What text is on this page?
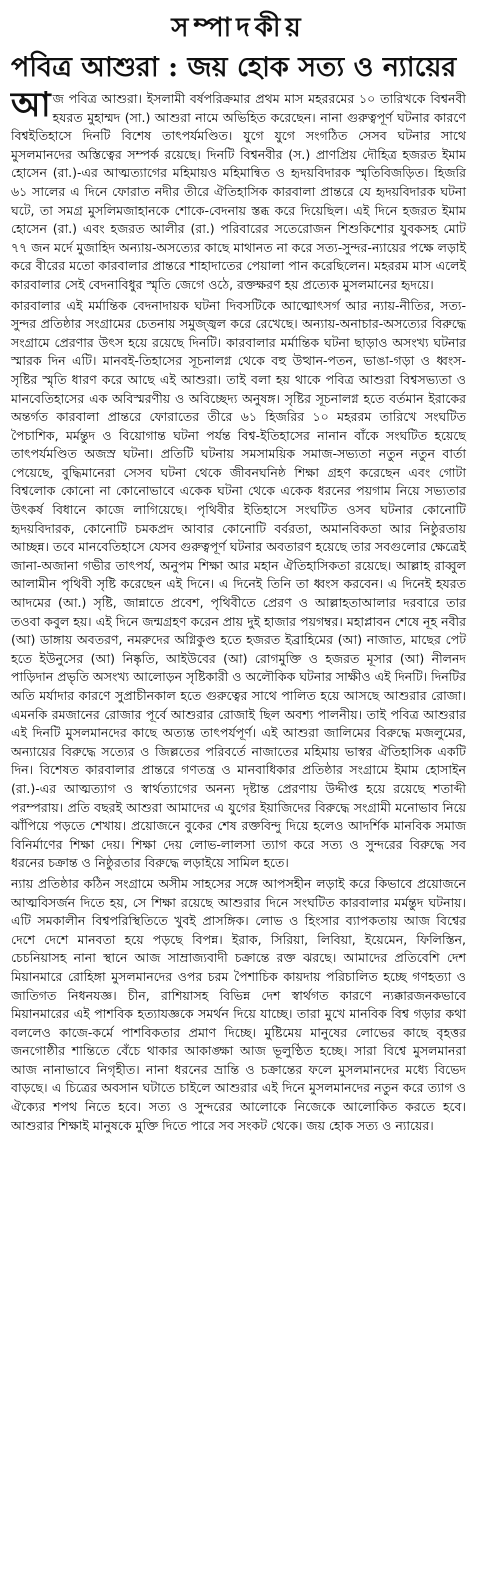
সম্পাদকীয়
পবিত্র আশুরা : জয় হোক সত্য ও ন্যায়ের

আজ পবিত্র আশুরা। ইসলামী বর্ষপরিক্রমার প্রথম মাস মহররমের ১০ তারিখকে বিশ্বনবী হযরত মুহাম্মদ (সা.) আশুরা নামে অভিহিত করেছেন। নানা গুরুত্বপূর্ণ ঘটনার কারণে বিশ্বইতিহাসে দিনটি বিশেষ তাৎপর্যমণ্ডিত। যুগে যুগে সংগঠিত সেসব ঘটনার সাথে মুসলমানদের অস্তিত্বের সম্পর্ক রয়েছে। দিনটি বিশ্বনবীর (স.) প্রাণপ্রিয় দৌহিত্র হজরত ইমাম হোসেন (রা.)-এর আত্মত্যাগের মহিমায়ও মহিমান্বিত ও হৃদয়বিদারক স্মৃতিবিজড়িত। হিজরি ৬১ সালের এ দিনে ফোরাত নদীর তীরে ঐতিহাসিক কারবালা প্রান্তরে যে হৃদয়বিদারক ঘটনা ঘটে, তা সমগ্র মুসলিমজাহানকে শোকে-বেদনায় স্তব্ধ করে দিয়েছিল। এই দিনে হজরত ইমাম হোসেন (রা.) এবং হজরত আলীর (রা.) পরিবারের সতেরোজন শিশুকিশোর যুবকসহ মোট ৭৭ জন মর্দে মুজাহিদ অন্যায়-অসত্যের কাছে মাথানত না করে সত্য-সুন্দর-ন্যায়ের পক্ষে লড়াই করে বীরের মতো কারবালার প্রান্তরে শাহাদাতের পেয়ালা পান করেছিলেন। মহররম মাস এলেই কারবালার সেই বেদনাবিধুর স্মৃতি জেগে ওঠে, রক্তক্ষরণ হয় প্রত্যেক মুসলমানের হৃদয়ে।

কারবালার এই মর্মান্তিক বেদনাদায়ক ঘটনা দিবসটিকে আত্মোৎসর্গ আর ন্যায়-নীতির, সত্য-সুন্দর প্রতিষ্ঠার সংগ্রামের চেতনায় সমুজ্জ্বল করে রেখেছে। অন্যায়-অনাচার-অসত্যের বিরুদ্ধে সংগ্রামে প্রেরণার উৎস হয়ে রয়েছে দিনটি। কারবালার মর্মান্তিক ঘটনা ছাড়াও অসংখ্য ঘটনার স্মারক দিন এটি। মানবই-তিহাসের সূচনালগ্ন থেকে বহু উত্থান-পতন, ভাঙা-গড়া ও ধ্বংস-সৃষ্টির স্মৃতি ধারণ করে আছে এই আশুরা। তাই বলা হয় থাকে পবিত্র আশুরা বিশ্বসভ্যতা ও মানবেতিহাসের এক অবিস্মরণীয় ও অবিচ্ছেদ্য অনুষঙ্গ। সৃষ্টির সূচনালগ্ন হতে বর্তমান ইরাকের অন্তর্গত কারবালা প্রান্তরে ফোরাতের তীরে ৬১ হিজরির ১০ মহররম তারিখে সংঘটিত পৈচাশিক, মর্মন্তুদ ও বিয়োগান্ত ঘটনা পর্যন্ত বিশ্ব-ইতিহাসের নানান বাঁকে সংঘটিত হয়েছে তাৎপর্যমণ্ডিত অজস্র ঘটনা। প্রতিটি ঘটনায় সমসাময়িক সমাজ-সভ্যতা নতুন নতুন বার্তা পেয়েছে, বুদ্ধিমানেরা সেসব ঘটনা থেকে জীবনঘনিষ্ঠ শিক্ষা গ্রহণ করেছেন এবং গোটা বিশ্বলোক কোনো না কোনোভাবে একেক ঘটনা থেকে একেক ধরনের পয়গাম নিয়ে সভ্যতার উৎকর্ষ বিধানে কাজে লাগিয়েছে। পৃথিবীর ইতিহাসে সংঘটিত ওসব ঘটনার কোনোটি হৃদয়বিদারক, কোনোটি চমকপ্রদ আবার কোনোটি বর্বরতা, অমানবিকতা আর নিষ্ঠুরতায় আচ্ছন্ন। তবে মানবেতিহাসে যেসব গুরুত্বপূর্ণ ঘটনার অবতারণ হয়েছে তার সবগুলোর ক্ষেত্রেই জানা-অজানা গভীর তাৎপর্য, অনুপম শিক্ষা আর মহান ঐতিহাসিকতা রয়েছে। আল্লাহ রাব্বুল আলামীন পৃথিবী সৃষ্টি করেছেন এই দিনে। এ দিনেই তিনি তা ধ্বংস করবেন। এ দিনেই হযরত আদমের (আ.) সৃষ্টি, জান্নাতে প্রবেশ, পৃথিবীতে প্রেরণ ও আল্লাহতাআলার দরবারে তার তওবা কবুল হয়। এই দিনে জন্মগ্রহণ করেন প্রায় দুই হাজার পয়গম্বর। মহাপ্লাবন শেষে নূহ নবীর (আ) ডাঙ্গায় অবতরণ, নমরুদের অগ্নিকুণ্ড হতে হজরত ইব্রাহিমের (আ) নাজাত, মাছের পেট হতে ইউনুসের (আ) নিষ্কৃতি, আইউবের (আ) রোগমুক্তি ও হজরত মূসার (আ) নীলনদ পাড়িদান প্রভৃতি অসংখ্য আলোড়ন সৃষ্টিকারী ও অলৌকিক ঘটনার সাক্ষীও এই দিনটি। দিনটির অতি মর্যাদার কারণে সুপ্রাচীনকাল হতে গুরুত্বের সাথে পালিত হয়ে আসছে আশুরার রোজা। এমনকি রমজানের রোজার পূর্বে আশুরার রোজাই ছিল অবশ্য পালনীয়। তাই পবিত্র আশুরার এই দিনটি মুসলমানদের কাছে অত্যন্ত তাৎপর্যপূর্ণ। এই আশুরা জালিমের বিরুদ্ধে মজলুমের, অন্যায়ের বিরুদ্ধে সত্যের ও জিল্লতের পরিবর্তে নাজাতের মহিমায় ভাস্বর ঐতিহাসিক একটি দিন। বিশেষত কারবালার প্রান্তরে গণতন্ত্র ও মানবাধিকার প্রতিষ্ঠার সংগ্রামে ইমাম হোসাইন (রা.)-এর আত্মত্যাগ ও স্বার্থত্যাগের অনন্য দৃষ্টান্ত প্রেরণায় উদ্দীপ্ত হয়ে রয়েছে শতাব্দী পরম্পরায়। প্রতি বছরই আশুরা আমাদের এ যুগের ইয়াজিদের বিরুদ্ধে সংগ্রামী মনোভাব নিয়ে ঝাঁপিয়ে পড়তে শেখায়। প্রয়োজনে বুকের শেষ রক্তবিন্দু দিয়ে হলেও আদর্শিক মানবিক সমাজ বিনির্মাণের শিক্ষা দেয়। শিক্ষা দেয় লোভ-লালসা ত্যাগ করে সত্য ও সুন্দরের বিরুদ্ধে সব ধরনের চক্রান্ত ও নিষ্ঠুরতার বিরুদ্ধে লড়াইয়ে সামিল হতে।

ন্যায় প্রতিষ্ঠার কঠিন সংগ্রামে অসীম সাহসের সঙ্গে আপসহীন লড়াই করে কিভাবে প্রয়োজনে আত্মবিসর্জন দিতে হয়, সে শিক্ষা রয়েছে আশুরার দিনে সংঘটিত কারবালার মর্মন্তুদ ঘটনায়। এটি সমকালীন বিশ্বপরিস্থিতিতে খুবই প্রাসঙ্গিক। লোভ ও হিংসার ব্যাপকতায় আজ বিশ্বের দেশে দেশে মানবতা হয়ে পড়ছে বিপন্ন। ইরাক, সিরিয়া, লিবিয়া, ইয়েমেন, ফিলিস্তিন, চেচনিয়াসহ নানা স্থানে আজ সাম্রাজ্যবাদী চক্রান্তে রক্ত ঝরছে। আমাদের প্রতিবেশি দেশ মিয়ানমারে রোহিঙ্গা মুসলমানদের ওপর চরম পৈশাচিক কায়দায় পরিচালিত হচ্ছে গণহত্যা ও জাতিগত নিধনযজ্ঞ। চীন, রাশিয়াসহ বিভিন্ন দেশ স্বার্থগত কারণে ন্যক্কারজনকভাবে মিয়ানমারের এই পাশবিক হত্যাযজ্ঞকে সমর্থন দিয়ে যাচ্ছে। তারা মুখে মানবিক বিশ্ব গড়ার কথা বললেও কাজে-কর্মে পাশবিকতার প্রমাণ দিচ্ছে। মুষ্টিমেয় মানুষের লোভের কাছে বৃহত্তর জনগোষ্ঠীর শান্তিতে বেঁচে থাকার আকাঙ্ক্ষা আজ ভূলুণ্ঠিত হচ্ছে। সারা বিশ্বে মুসলমানরা আজ নানাভাবে নিগৃহীত। নানা ধরনের ভ্রান্তি ও চক্রান্তের ফলে মুসলমানদের মধ্যে বিভেদ বাড়ছে। এ চিত্রের অবসান ঘটাতে চাইলে আশুরার এই দিনে মুসলমানদের নতুন করে ত্যাগ ও ঐক্যের শপথ নিতে হবে। সত্য ও সুন্দরের আলোকে নিজেকে আলোকিত করতে হবে। আশুরার শিক্ষাই মানুষকে মুক্তি দিতে পারে সব সংকট থেকে। জয় হোক সত্য ও ন্যায়ের।
